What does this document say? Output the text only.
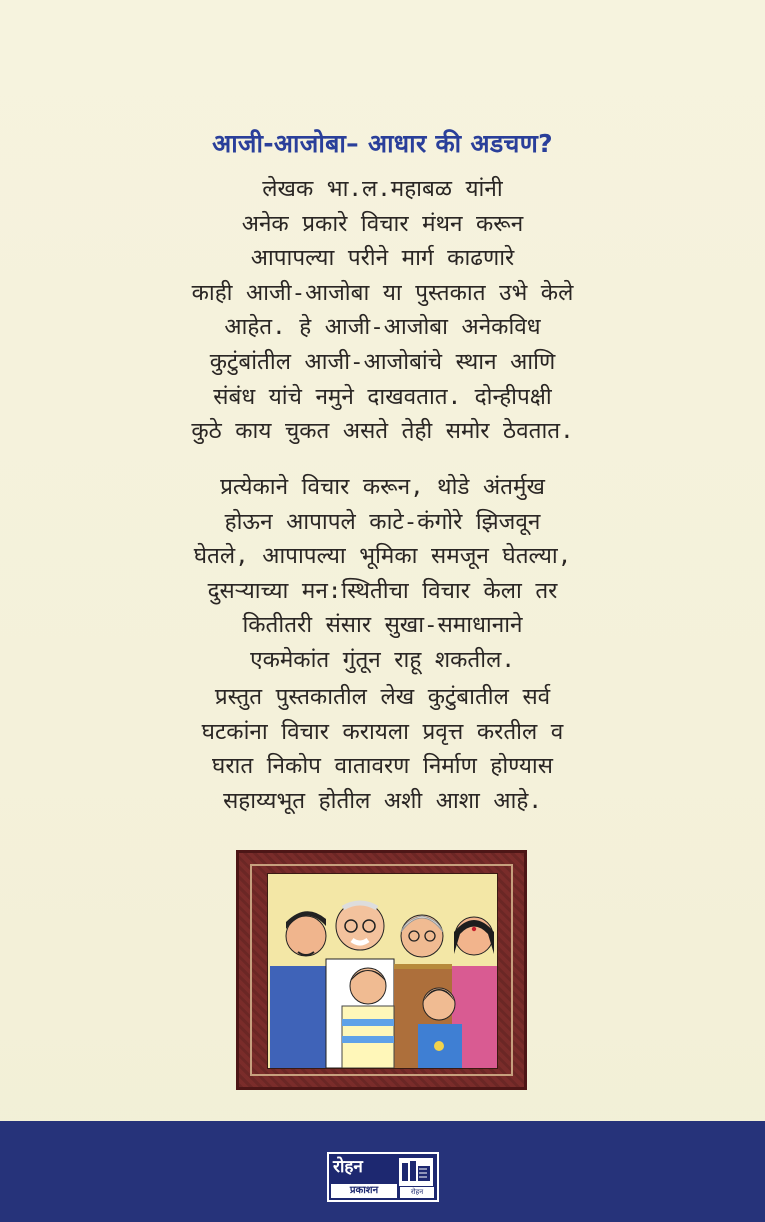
आजी-आजोबा– आधार की अडचण?

लेखक भा.ल.महाबळ यांनी
अनेक प्रकारे विचार मंथन करून
आपापल्या परीने मार्ग काढणारे
काही आजी-आजोबा या पुस्तकात उभे केले
आहेत. हे आजी-आजोबा अनेकविध
कुटुंबांतील आजी-आजोबांचे स्थान आणि
संबंध यांचे नमुने दाखवतात. दोन्हीपक्षी
कुठे काय चुकत असते तेही समोर ठेवतात.

प्रत्येकाने विचार करून, थोडे अंतर्मुख
होऊन आपापले काटे-कंगोरे झिजवून
घेतले, आपापल्या भूमिका समजून घेतल्या,
दुसऱ्याच्या मन:स्थितीचा विचार केला तर
कितीतरी संसार सुखा-समाधानाने
एकमेकांत गुंतून राहू शकतील.

प्रस्तुत पुस्तकातील लेख कुटुंबातील सर्व
घटकांना विचार करायला प्रवृत्त करतील व
घरात निकोप वातावरण निर्माण होण्यास
सहाय्यभूत होतील अशी आशा आहे.

रोहन
प्रकाशन	रोहन
